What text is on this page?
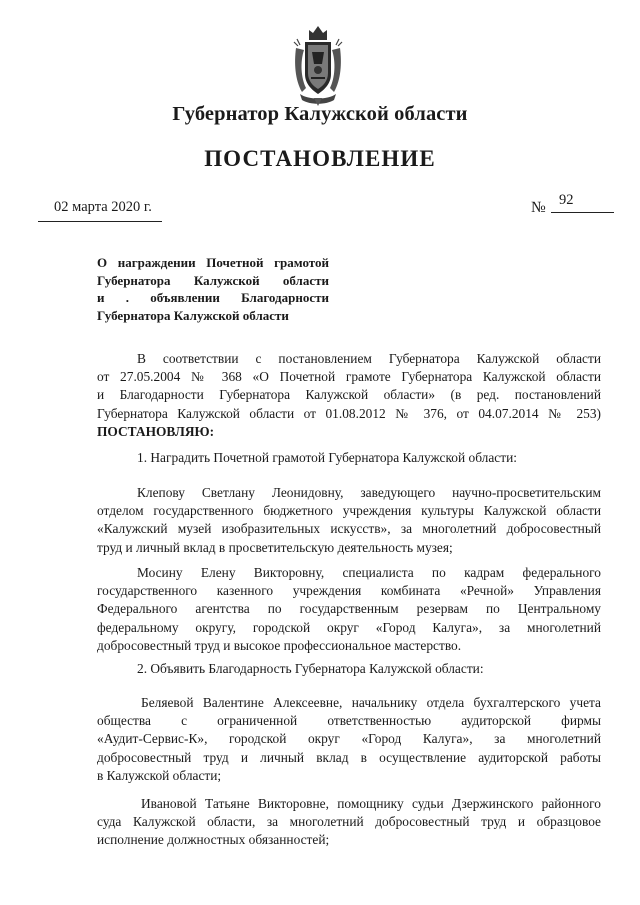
Губернатор Калужской области
ПОСТАНОВЛЕНИЕ
02 марта 2020 г.	№ 92
О награждении Почетной грамотой
Губернатора Калужской области
и . объявлении Благодарности
Губернатора Калужской области
В соответствии с постановлением Губернатора Калужской области
от 27.05.2004 № 368 «О Почетной грамоте Губернатора Калужской области
и Благодарности Губернатора Калужской области» (в ред. постановлений
Губернатора Калужской области от 01.08.2012 № 376, от 04.07.2014 № 253)
ПОСТАНОВЛЯЮ:
1. Наградить Почетной грамотой Губернатора Калужской области:
Клепову Светлану Леонидовну, заведующего научно-просветительским
отделом государственного бюджетного учреждения культуры Калужской области
«Калужский музей изобразительных искусств», за многолетний добросовестный
труд и личный вклад в просветительскую деятельность музея;
Мосину Елену Викторовну, специалиста по кадрам федерального
государственного казенного учреждения комбината «Речной» Управления
Федерального агентства по государственным резервам по Центральному
федеральному округу, городской округ «Город Калуга», за многолетний
добросовестный труд и высокое профессиональное мастерство.
2. Объявить Благодарность Губернатора Калужской области:
Беляевой Валентине Алексеевне, начальнику отдела бухгалтерского учета
общества с ограниченной ответственностью аудиторской фирмы
«Аудит-Сервис-К», городской округ «Город Калуга», за многолетний
добросовестный труд и личный вклад в осуществление аудиторской работы
в Калужской области;
Ивановой Татьяне Викторовне, помощнику судьи Дзержинского районного
суда Калужской области, за многолетний добросовестный труд и образцовое
исполнение должностных обязанностей;
